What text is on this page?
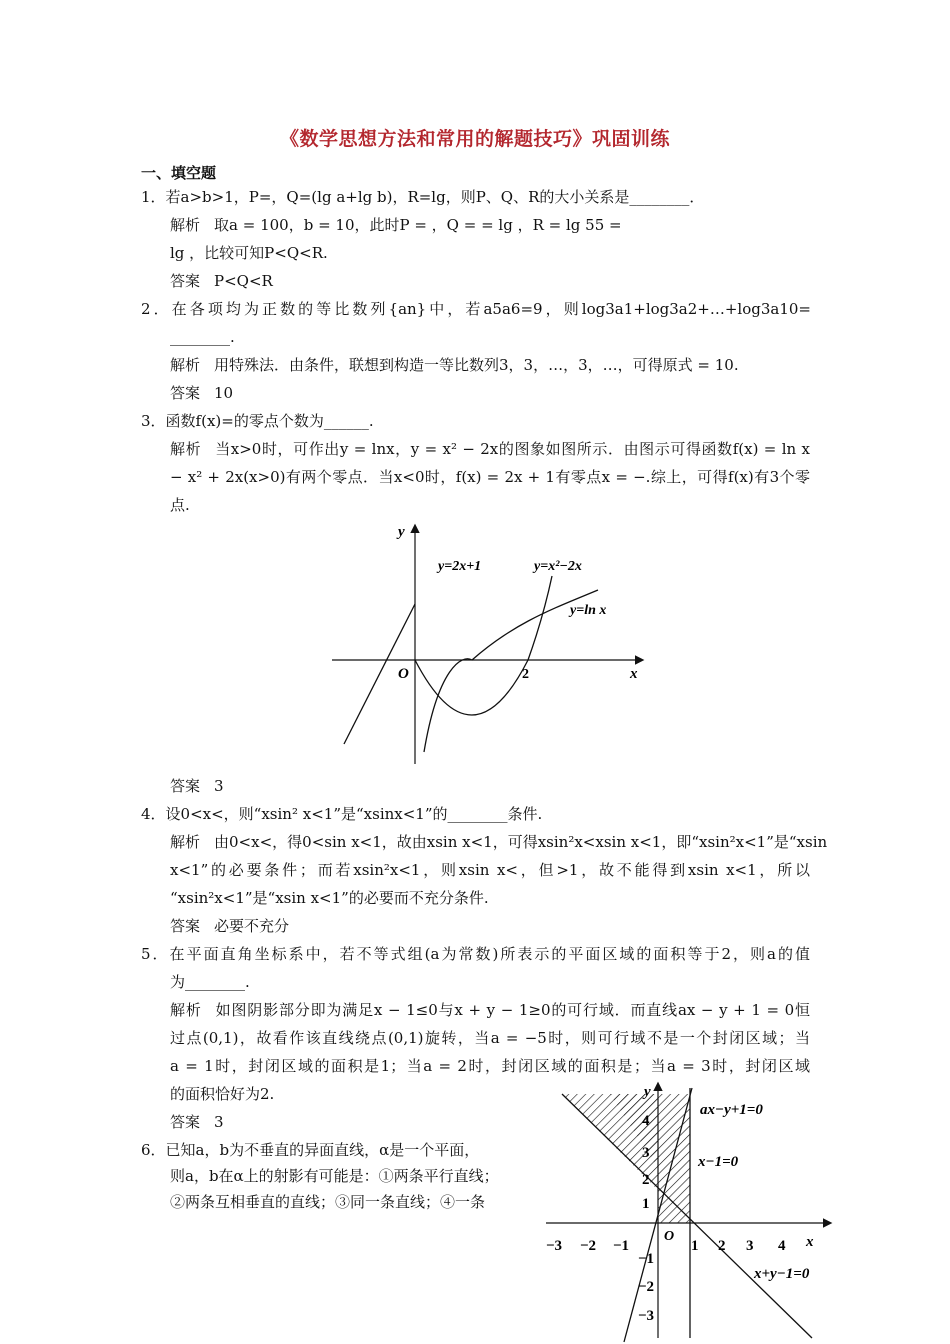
《数学思想方法和常用的解题技巧》巩固训练
一、填空题
1．若a>b>1，P=，Q=(lg a+lg b)，R=lg，则P、Q、R的大小关系是________．
解析 取a = 100，b = 10，此时P = ，Q = = lg ，R = lg 55 =
lg ，比较可知P<Q<R.
答案 P<Q<R
2．在各项均为正数的等比数列{an}中，若a5a6=9，则log3a1+log3a2+…+log3a10=
________.
解析 用特殊法．由条件，联想到构造一等比数列3，3，…，3，…，可得原式 = 10.
答案 10
3．函数f(x)=的零点个数为______.
解析 当x>0时，可作出y = lnx，y = x² − 2x的图象如图所示．由图示可得函数f(x) = ln x
− x² + 2x(x>0)有两个零点．当x<0时，f(x) = 2x + 1有零点x = −.综上，可得f(x)有3个零
点.
y
x
O	2
y=2x+1	y=x²−2x
y=ln x
答案 3
4．设0<x<，则“xsin² x<1”是“xsinx<1”的________条件.
解析 由0<x<，得0<sin x<1，故由xsin x<1，可得xsin²x<xsin x<1，即“xsin²x<1”是“xsin
x<1”的必要条件；而若xsin²x<1，则xsin x<，但>1，故不能得到xsin x<1，所以
“xsin²x<1”是“xsin x<1”的必要而不充分条件.
答案 必要不充分
5．在平面直角坐标系中，若不等式组(a为常数)所表示的平面区域的面积等于2，则a的值
为________.
解析 如图阴影部分即为满足x − 1≤0与x + y − 1≥0的可行域．而直线ax − y + 1 = 0恒
过点(0,1)，故看作该直线绕点(0,1)旋转，当a = −5时，则可行域不是一个封闭区域；当
a = 1时，封闭区域的面积是1；当a = 2时，封闭区域的面积是；当a = 3时，封闭区域
的面积恰好为2.
答案 3
6．已知a，b为不垂直的异面直线，α是一个平面，
则a，b在α上的射影有可能是：①两条平行直线；
②两条互相垂直的直线；③同一条直线；④一条
y
x
O
−3 −2 −1	1 2 3 4
4
3
2
1
−1
−2
−3
ax−y+1=0
x−1=0
x+y−1=0
